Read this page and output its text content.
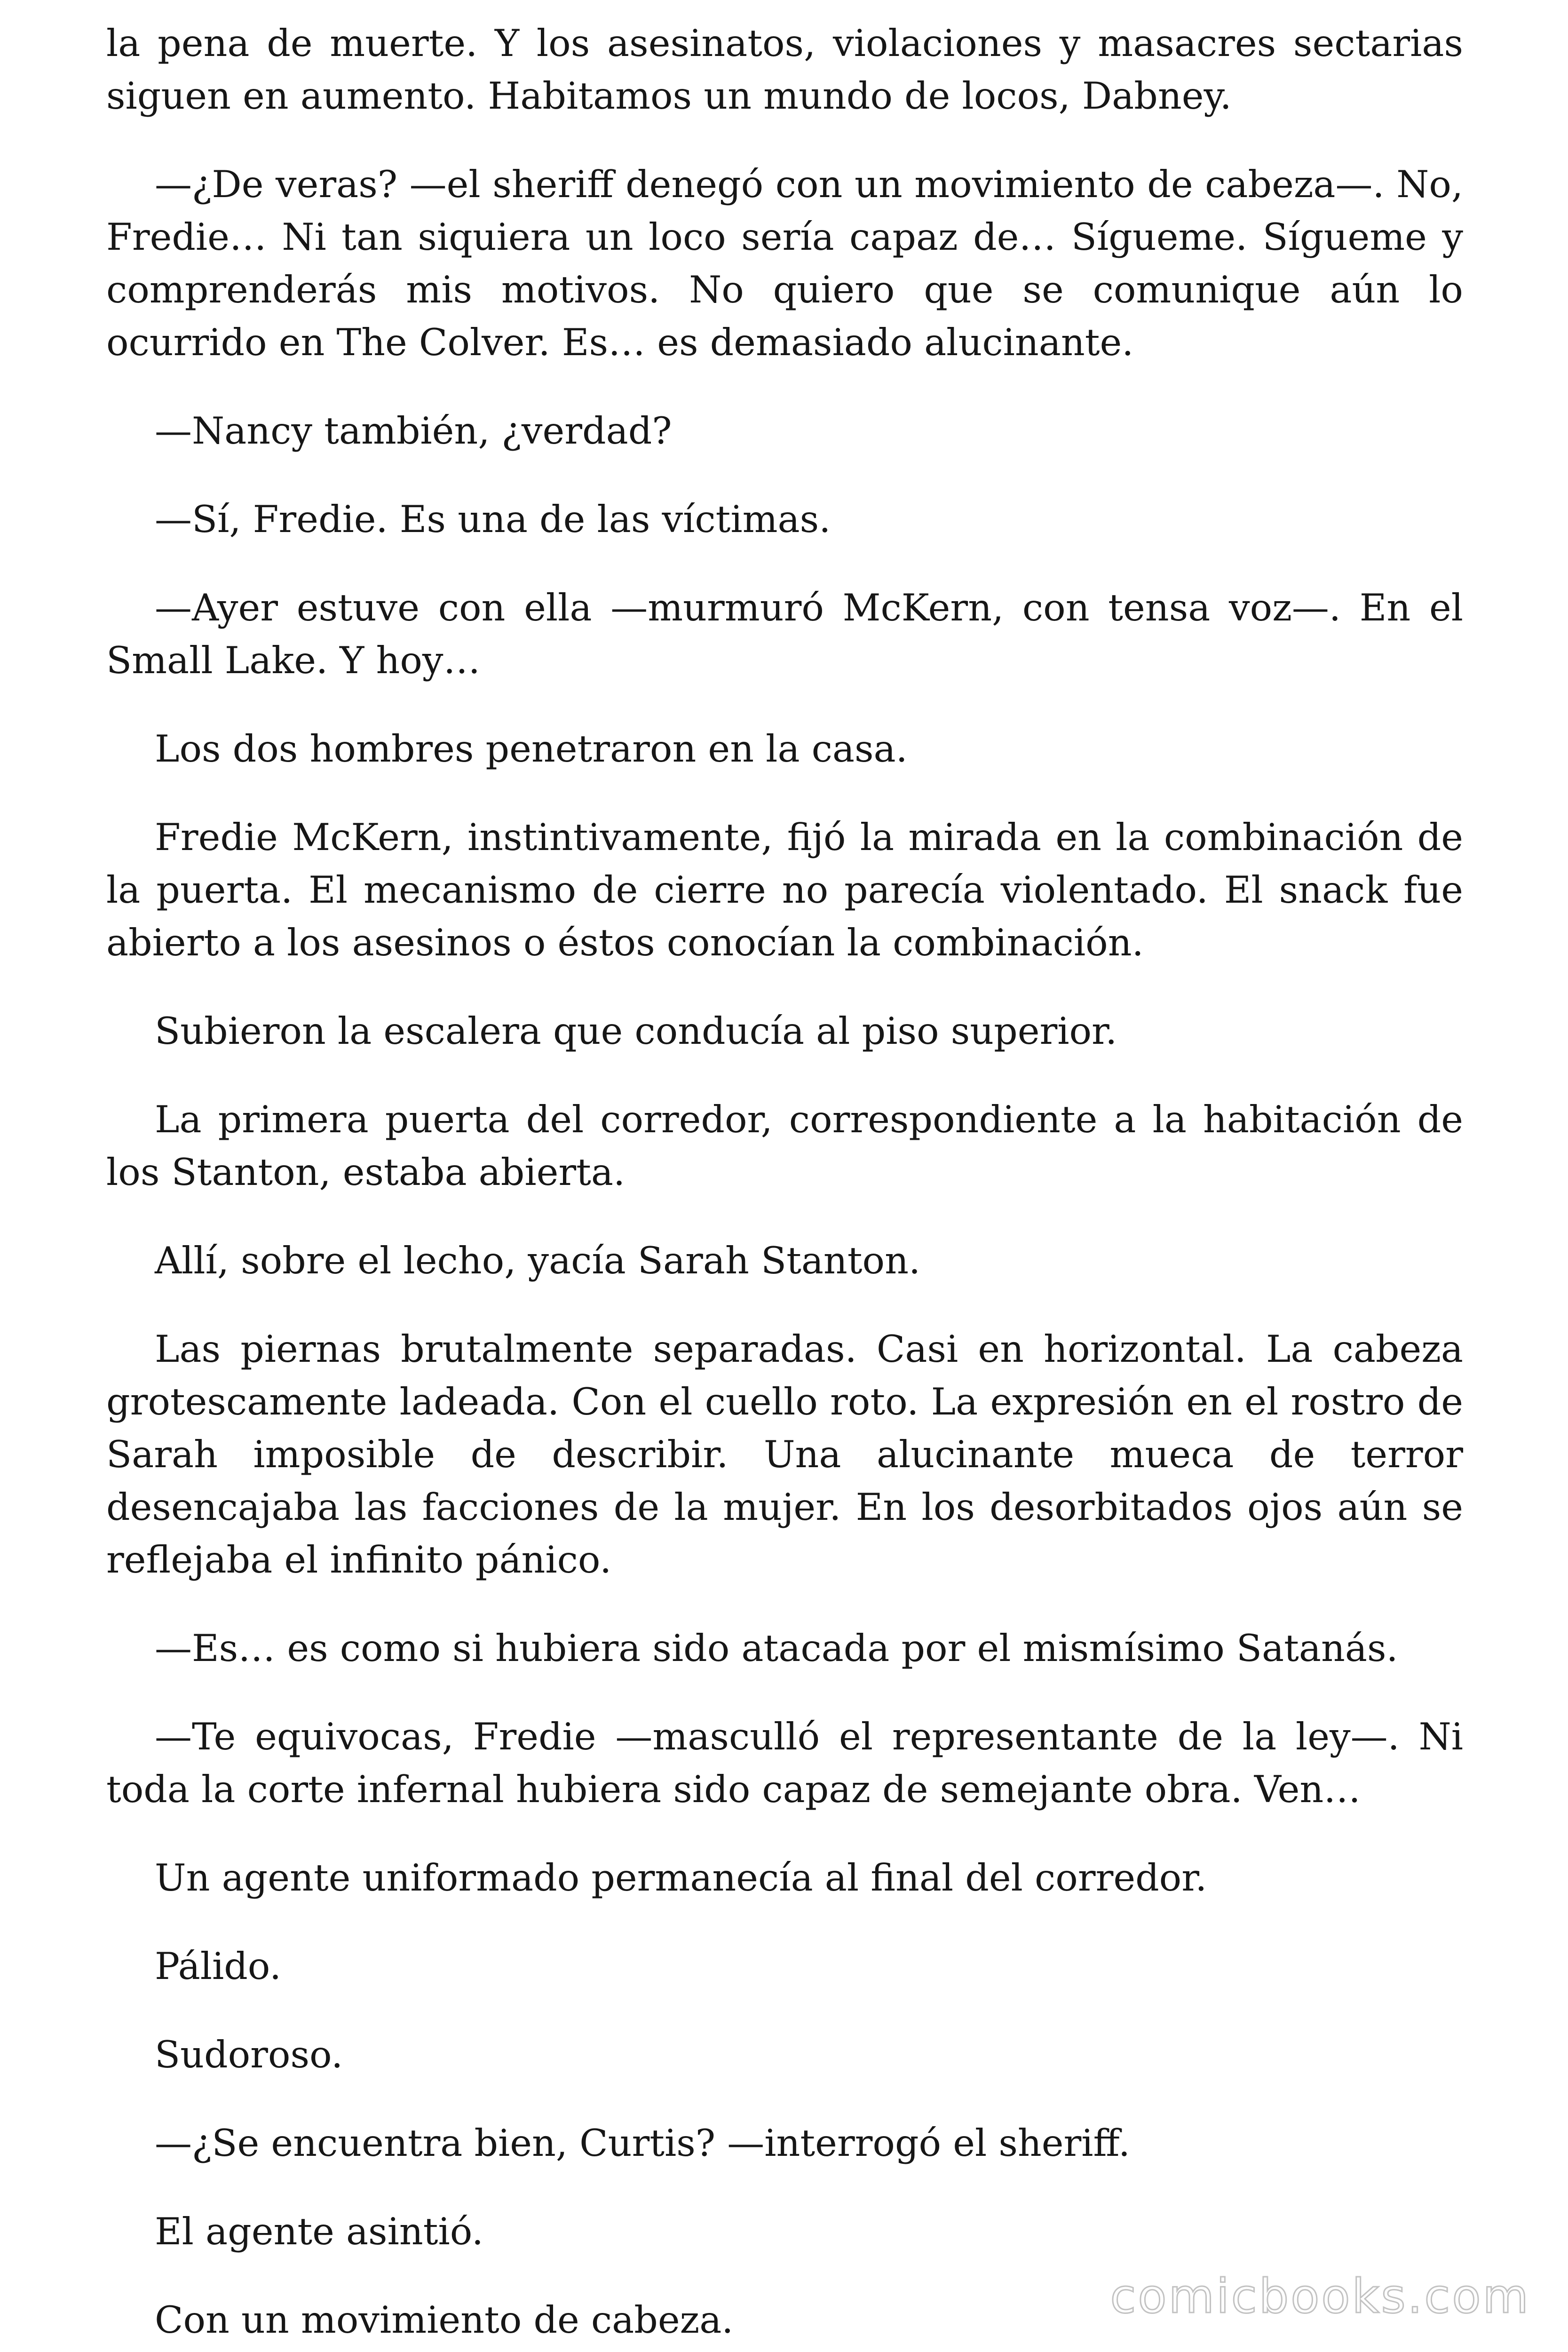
la pena de muerte. Y los asesinatos, violaciones y masacres sectarias siguen en aumento. Habitamos un mundo de locos, Dabney.

—¿De veras? —el sheriff denegó con un movimiento de cabeza—. No, Fredie… Ni tan siquiera un loco sería capaz de… Sígueme. Sígueme y comprenderás mis motivos. No quiero que se comunique aún lo ocurrido en The Colver. Es… es demasiado alucinante.

—Nancy también, ¿verdad?

—Sí, Fredie. Es una de las víctimas.

—Ayer estuve con ella —murmuró McKern, con tensa voz—. En el Small Lake. Y hoy…

Los dos hombres penetraron en la casa.

Fredie McKern, instintivamente, fijó la mirada en la combinación de la puerta. El mecanismo de cierre no parecía violentado. El snack fue abierto a los asesinos o éstos conocían la combinación.

Subieron la escalera que conducía al piso superior.

La primera puerta del corredor, correspondiente a la habitación de los Stanton, estaba abierta.

Allí, sobre el lecho, yacía Sarah Stanton.

Las piernas brutalmente separadas. Casi en horizontal. La cabeza grotescamente ladeada. Con el cuello roto. La expresión en el rostro de Sarah imposible de describir. Una alucinante mueca de terror desencajaba las facciones de la mujer. En los desorbitados ojos aún se reflejaba el infinito pánico.

—Es… es como si hubiera sido atacada por el mismísimo Satanás.

—Te equivocas, Fredie —masculló el representante de la ley—. Ni toda la corte infernal hubiera sido capaz de semejante obra. Ven…

Un agente uniformado permanecía al final del corredor.

Pálido.

Sudoroso.

—¿Se encuentra bien, Curtis? —interrogó el sheriff.

El agente asintió.

Con un movimiento de cabeza.	comicbooks.com
